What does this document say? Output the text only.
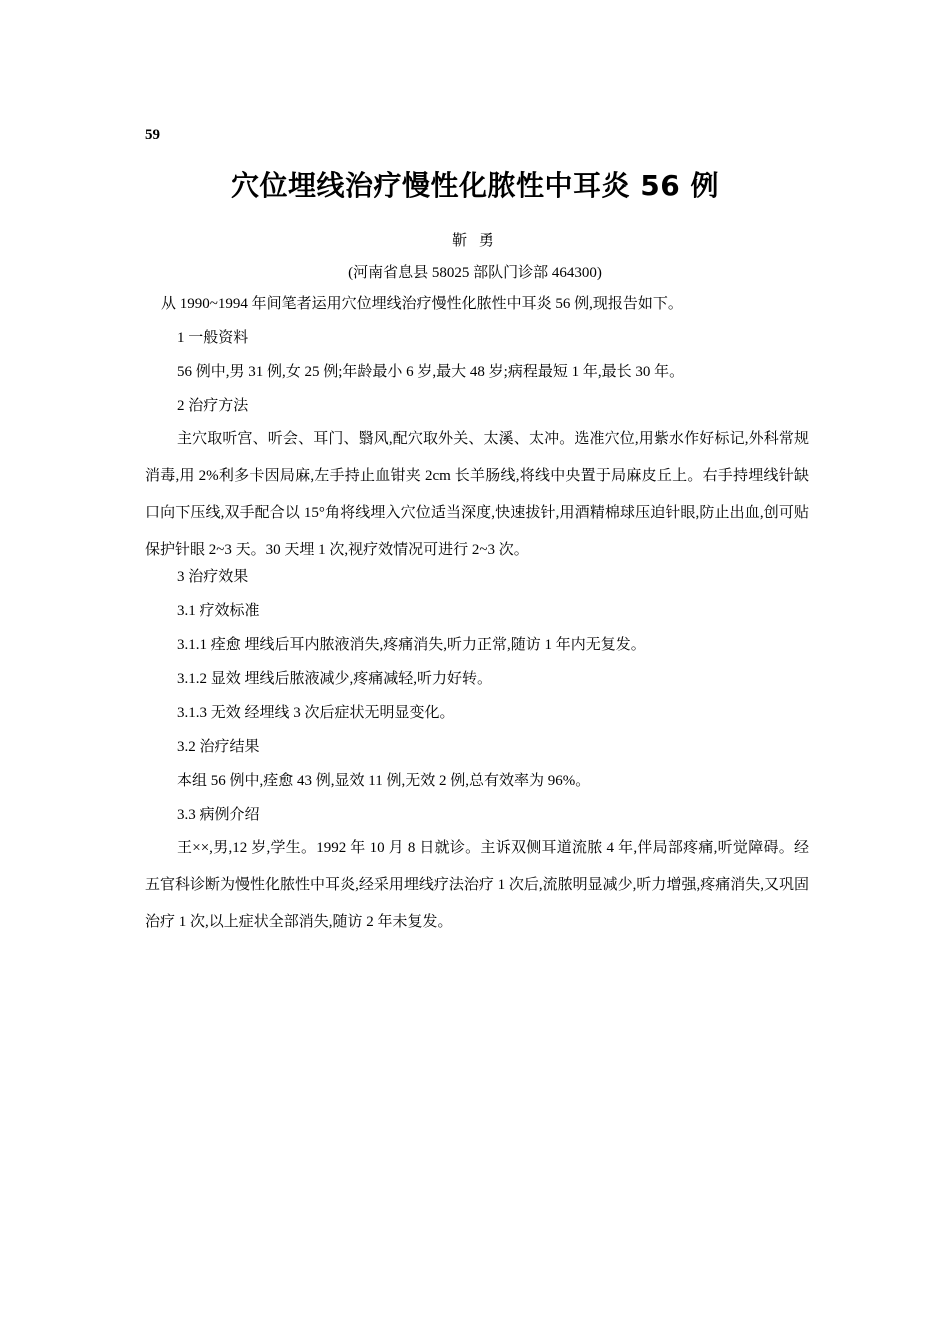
59
穴位埋线治疗慢性化脓性中耳炎 56 例
靳 勇
(河南省息县 58025 部队门诊部 464300)
从 1990~1994 年间笔者运用穴位埋线治疗慢性化脓性中耳炎 56 例,现报告如下。
1 一般资料
56 例中,男 31 例,女 25 例;年龄最小 6 岁,最大 48 岁;病程最短 1 年,最长 30 年。
2 治疗方法
主穴取听宫、听会、耳门、翳风,配穴取外关、太溪、太冲。选准穴位,用紫水作好标记,外科常规消毒,用 2%利多卡因局麻,左手持止血钳夹 2cm 长羊肠线,将线中央置于局麻皮丘上。右手持埋线针缺口向下压线,双手配合以 15°角将线埋入穴位适当深度,快速拔针,用酒精棉球压迫针眼,防止出血,创可贴保护针眼 2~3 天。30 天埋 1 次,视疗效情况可进行 2~3 次。
3 治疗效果
3.1 疗效标准
3.1.1 痊愈 埋线后耳内脓液消失,疼痛消失,听力正常,随访 1 年内无复发。
3.1.2 显效 埋线后脓液减少,疼痛减轻,听力好转。
3.1.3 无效 经埋线 3 次后症状无明显变化。
3.2 治疗结果
本组 56 例中,痊愈 43 例,显效 11 例,无效 2 例,总有效率为 96%。
3.3 病例介绍
王××,男,12 岁,学生。1992 年 10 月 8 日就诊。主诉双侧耳道流脓 4 年,伴局部疼痛,听觉障碍。经五官科诊断为慢性化脓性中耳炎,经采用埋线疗法治疗 1 次后,流脓明显减少,听力增强,疼痛消失,又巩固治疗 1 次,以上症状全部消失,随访 2 年未复发。
